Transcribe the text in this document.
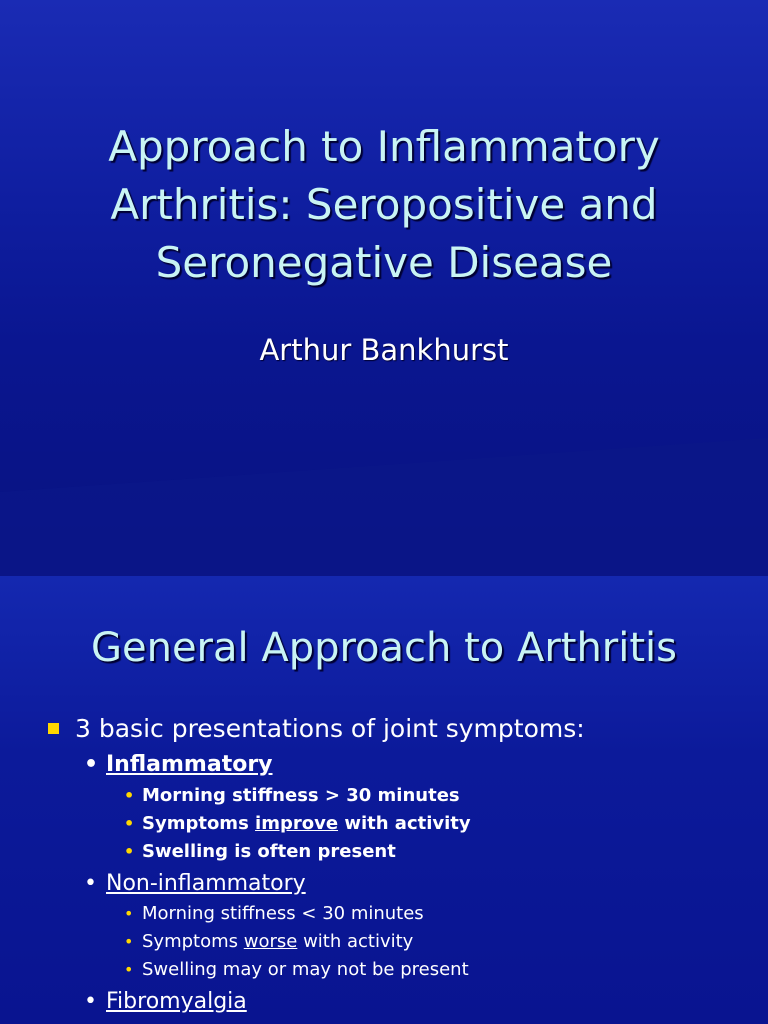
Approach to Inflammatory
Arthritis: Seropositive and
Seronegative Disease
Arthur Bankhurst
General Approach to Arthritis
3 basic presentations of joint symptoms:
• Inflammatory
• Morning stiffness > 30 minutes
• Symptoms improve with activity
• Swelling is often present
• Non-inflammatory
• Morning stiffness < 30 minutes
• Symptoms worse with activity
• Swelling may or may not be present
• Fibromyalgia
